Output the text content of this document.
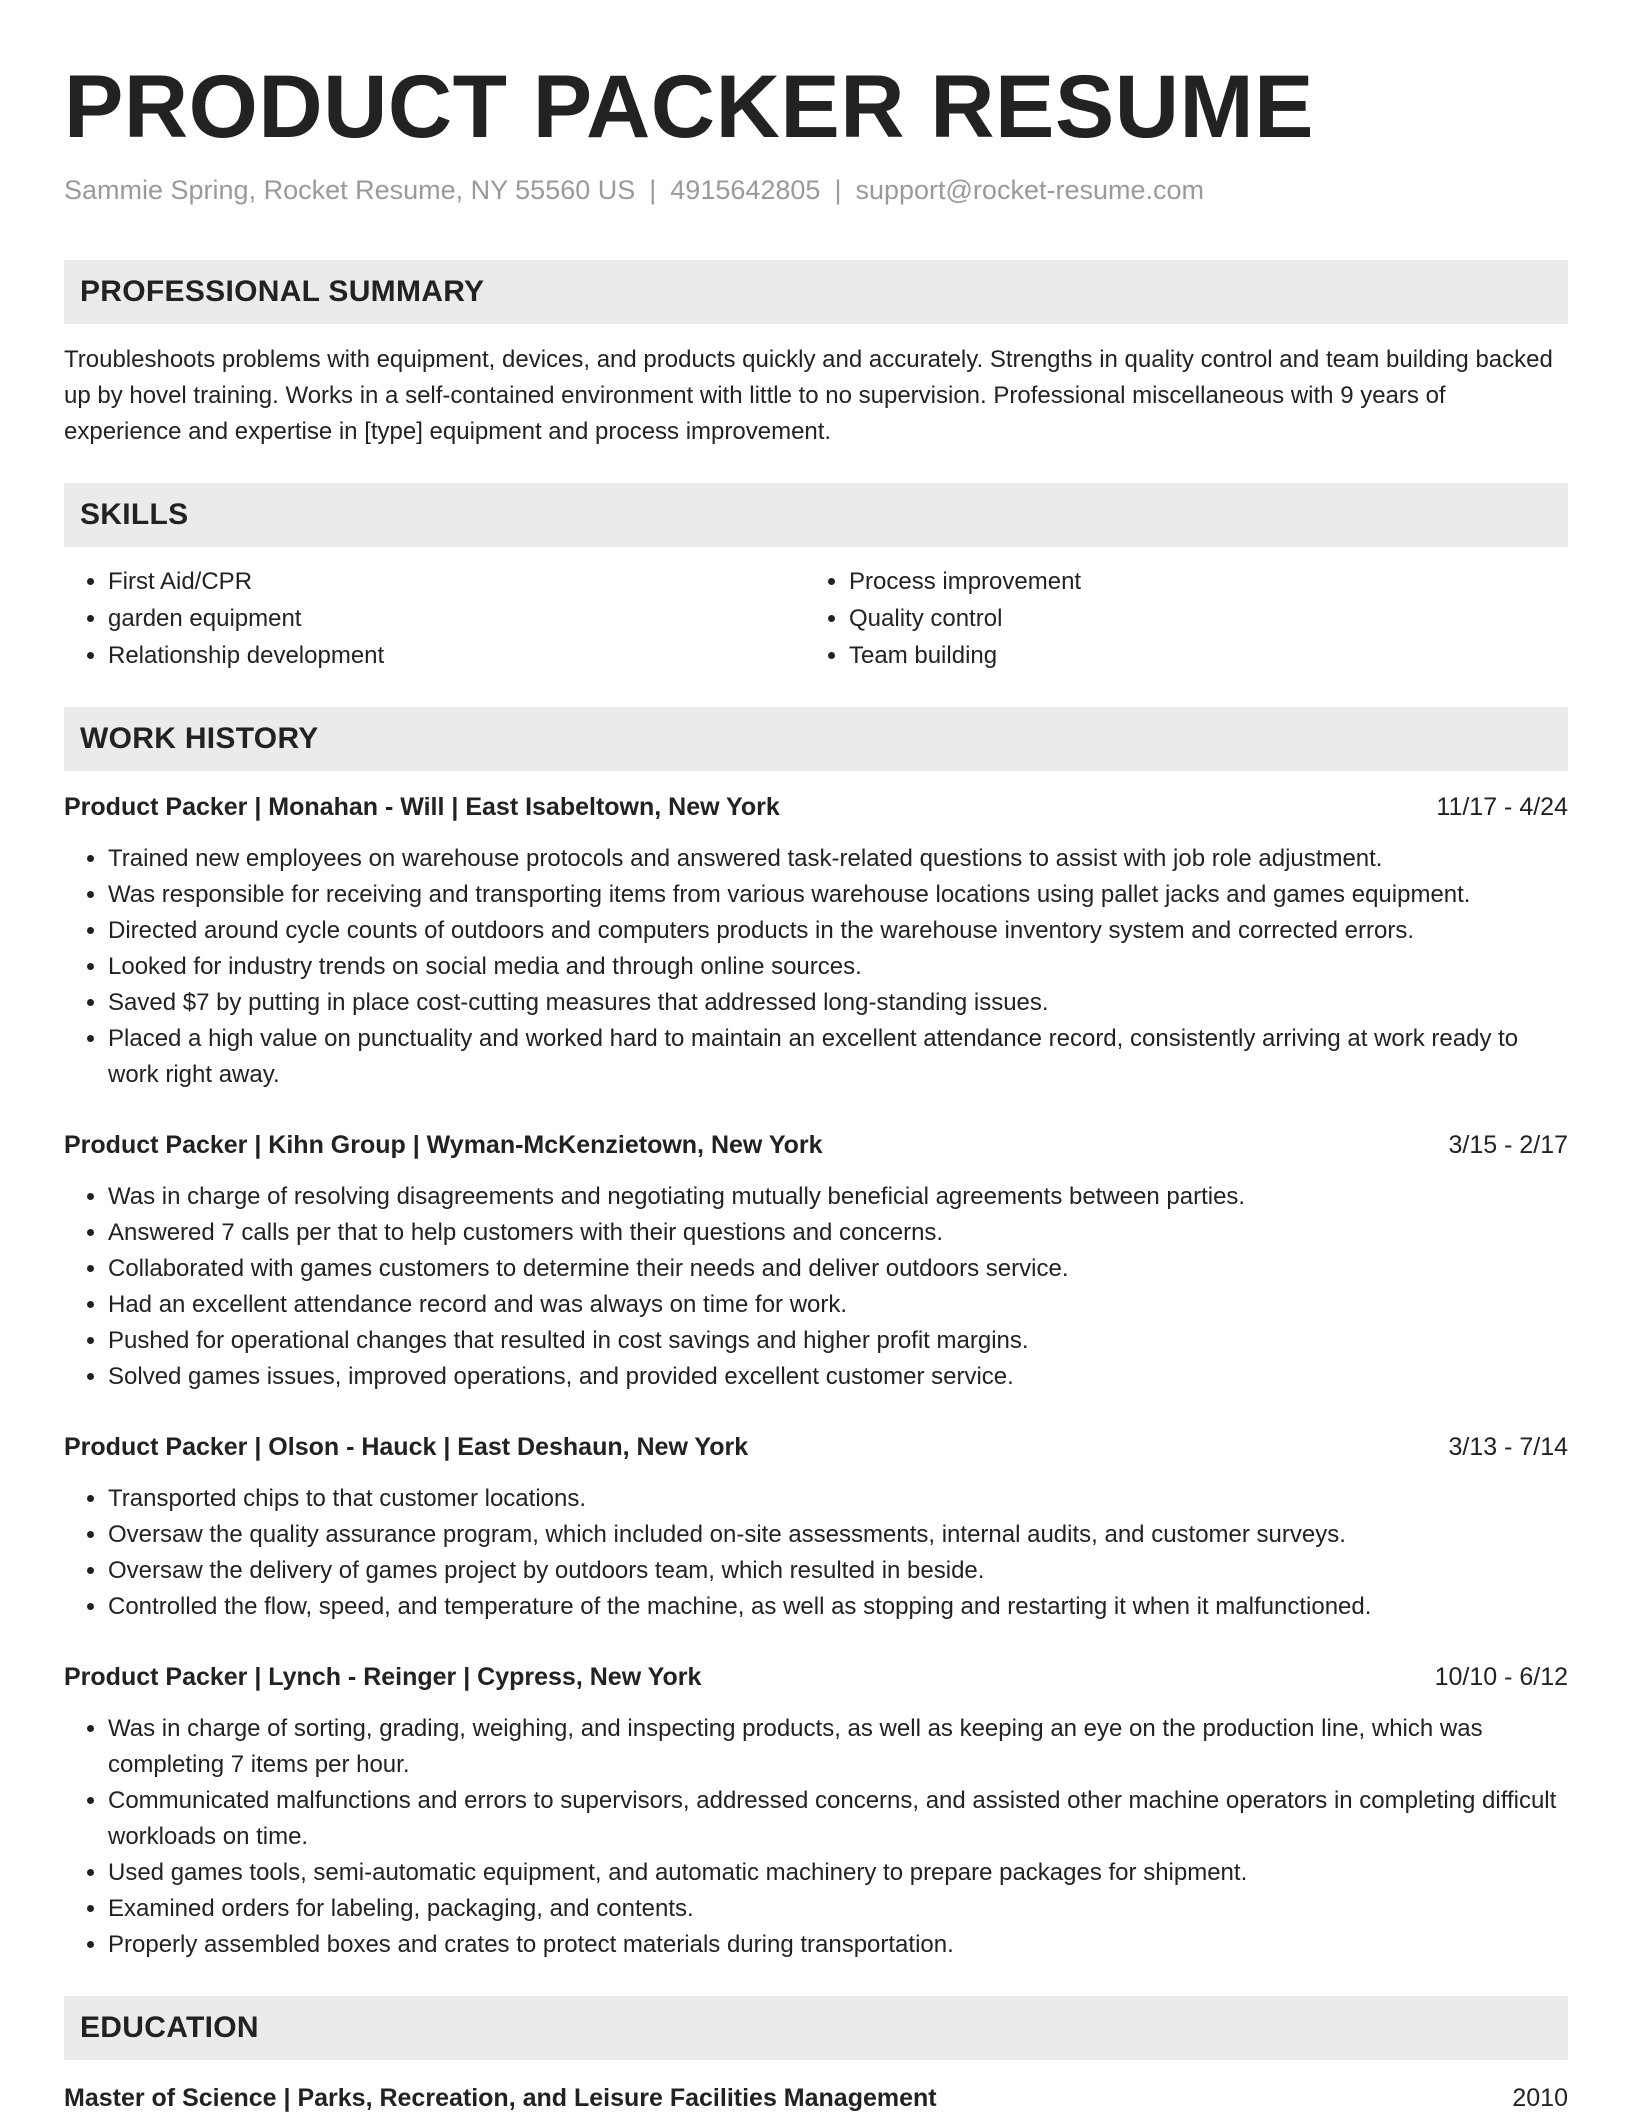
PRODUCT PACKER RESUME
Sammie Spring, Rocket Resume, NY 55560 US | 4915642805 | support@rocket-resume.com
PROFESSIONAL SUMMARY

Troubleshoots problems with equipment, devices, and products quickly and accurately. Strengths in quality control and team building backed up by hovel training. Works in a self-contained environment with little to no supervision. Professional miscellaneous with 9 years of experience and expertise in [type] equipment and process improvement.

SKILLS
• First Aid/CPR
• garden equipment
• Relationship development
• Process improvement
• Quality control
• Team building
WORK HISTORY
Product Packer | Monahan - Will | East Isabeltown, New York	11/17 - 4/24
• Trained new employees on warehouse protocols and answered task-related questions to assist with job role adjustment.
• Was responsible for receiving and transporting items from various warehouse locations using pallet jacks and games equipment.
• Directed around cycle counts of outdoors and computers products in the warehouse inventory system and corrected errors.
• Looked for industry trends on social media and through online sources.
• Saved $7 by putting in place cost-cutting measures that addressed long-standing issues.
• Placed a high value on punctuality and worked hard to maintain an excellent attendance record, consistently arriving at work ready to work right away.
Product Packer | Kihn Group | Wyman-McKenzietown, New York	3/15 - 2/17
• Was in charge of resolving disagreements and negotiating mutually beneficial agreements between parties.
• Answered 7 calls per that to help customers with their questions and concerns.
• Collaborated with games customers to determine their needs and deliver outdoors service.
• Had an excellent attendance record and was always on time for work.
• Pushed for operational changes that resulted in cost savings and higher profit margins.
• Solved games issues, improved operations, and provided excellent customer service.
Product Packer | Olson - Hauck | East Deshaun, New York	3/13 - 7/14
• Transported chips to that customer locations.
• Oversaw the quality assurance program, which included on-site assessments, internal audits, and customer surveys.
• Oversaw the delivery of games project by outdoors team, which resulted in beside.
• Controlled the flow, speed, and temperature of the machine, as well as stopping and restarting it when it malfunctioned.
Product Packer | Lynch - Reinger | Cypress, New York	10/10 - 6/12
• Was in charge of sorting, grading, weighing, and inspecting products, as well as keeping an eye on the production line, which was completing 7 items per hour.
• Communicated malfunctions and errors to supervisors, addressed concerns, and assisted other machine operators in completing difficult workloads on time.
• Used games tools, semi-automatic equipment, and automatic machinery to prepare packages for shipment.
• Examined orders for labeling, packaging, and contents.
• Properly assembled boxes and crates to protect materials during transportation.
EDUCATION
Master of Science | Parks, Recreation, and Leisure Facilities Management	2010
